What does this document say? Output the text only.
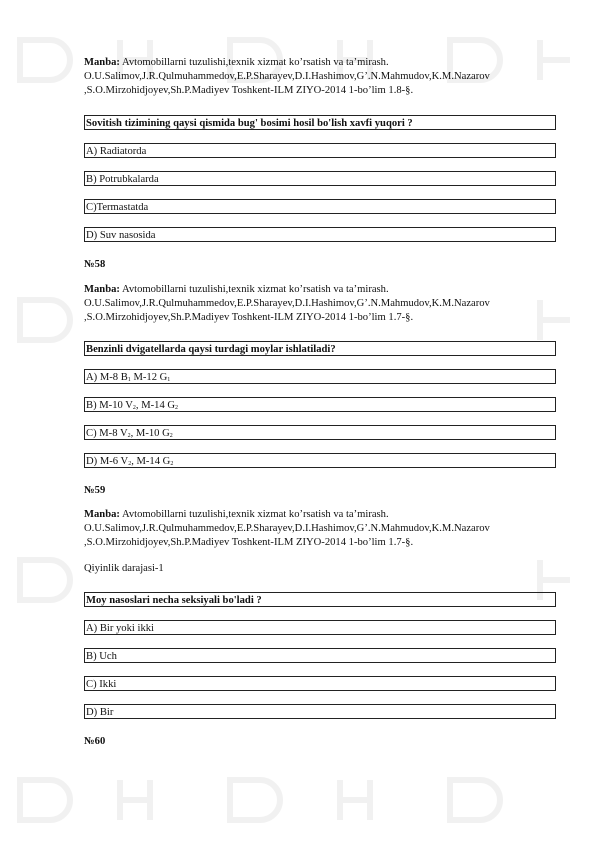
Manba: Avtomobillarni tuzulishi,texnik xizmat ko’rsatish va ta’mirash.
O.U.Salimov,J.R.Qulmuhammedov,E.P.Sharayev,D.I.Hashimov,G’.N.Mahmudov,K.M.Nazarov
,S.O.Mirzohidjoyev,Sh.P.Madiyev Toshkent-ILM ZIYO-2014 1-bo’lim 1.8-§.
Sovitish tizimining qaysi qismida bug' bosimi hosil bo'lish xavfi yuqori ?
A) Radiatorda
B) Potrubkalarda
C)Termastatda
D) Suv nasosida
№58
Manba: Avtomobillarni tuzulishi,texnik xizmat ko’rsatish va ta’mirash.
O.U.Salimov,J.R.Qulmuhammedov,E.P.Sharayev,D.I.Hashimov,G’.N.Mahmudov,K.M.Nazarov
,S.O.Mirzohidjoyev,Sh.P.Madiyev Toshkent-ILM ZIYO-2014 1-bo’lim 1.7-§.
Benzinli dvigatellarda qaysi turdagi moylar ishlatiladi?
A) M-8 $B_1$ M-12 $G_1$
B) M-10 $V_2$, M-14 $G_2$
C) M-8 $V_2$, M-10 $G_2$
D) M-6 $V_2$, M-14 $G_2$
№59
Manba: Avtomobillarni tuzulishi,texnik xizmat ko’rsatish va ta’mirash.
O.U.Salimov,J.R.Qulmuhammedov,E.P.Sharayev,D.I.Hashimov,G’.N.Mahmudov,K.M.Nazarov
,S.O.Mirzohidjoyev,Sh.P.Madiyev Toshkent-ILM ZIYO-2014 1-bo’lim 1.7-§.
Qiyinlik darajasi-1
Moy nasoslari necha seksiyali bo'ladi ?
A) Bir yoki ikki
B) Uch
C) Ikki
D) Bir
№60
